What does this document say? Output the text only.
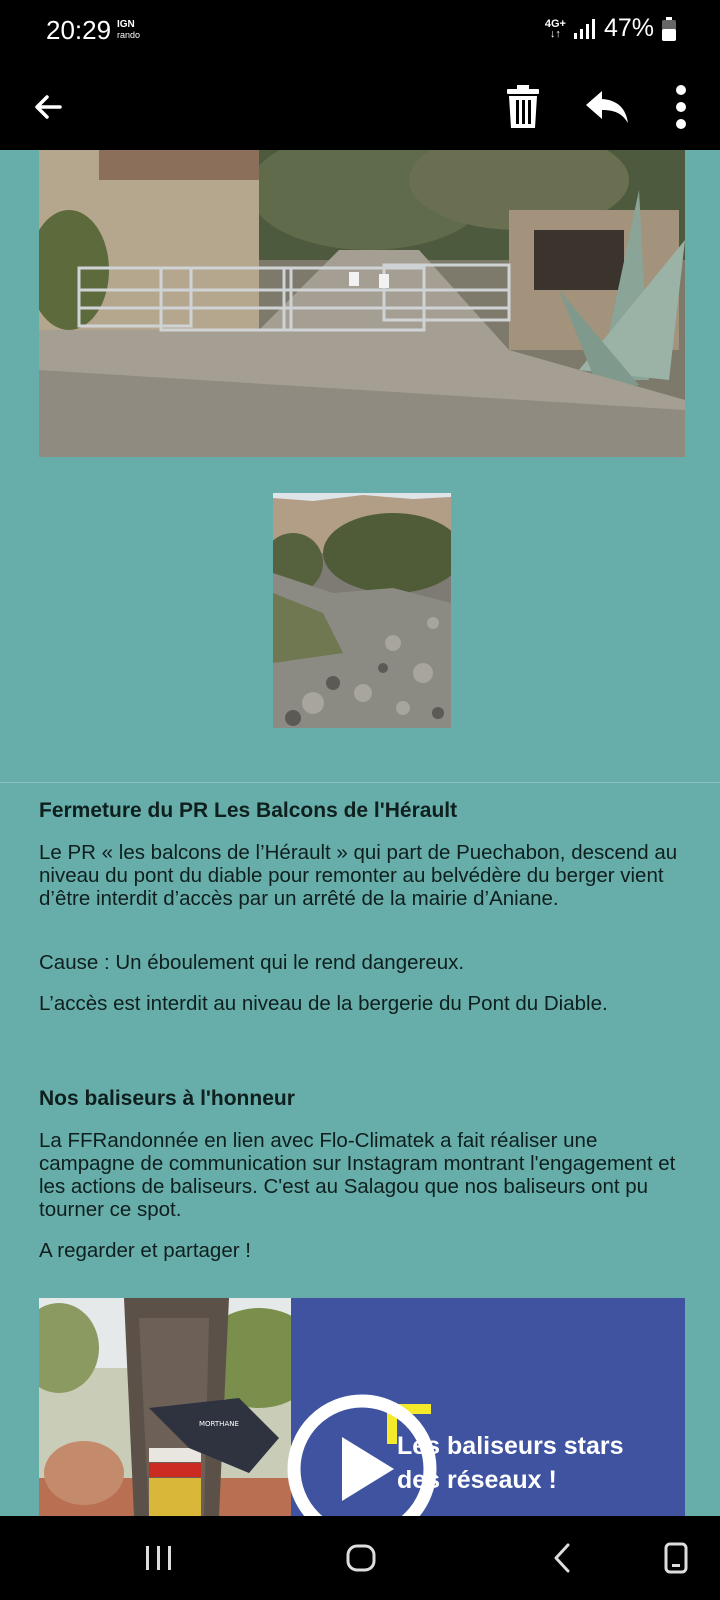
20:29 IGN
rando
4G+
↓↑ 47%
Fermeture du PR Les Balcons de l'Hérault

Le PR « les balcons de l’Hérault » qui part de Puechabon, descend au niveau du pont du diable pour remonter au belvédère du berger vient d’être interdit d’accès par un arrêté de la mairie d’Aniane.

Cause : Un éboulement qui le rend dangereux.

L’accès est interdit au niveau de la bergerie du Pont du Diable.

Nos baliseurs à l'honneur

La FFRandonnée en lien avec Flo-Climatek a fait réaliser une campagne de communication sur Instagram montrant l'engagement et les actions de baliseurs. C'est au Salagou que nos baliseurs ont pu tourner ce spot.

A regarder et partager !

MORTHANE
Les baliseurs stars
des réseaux !
